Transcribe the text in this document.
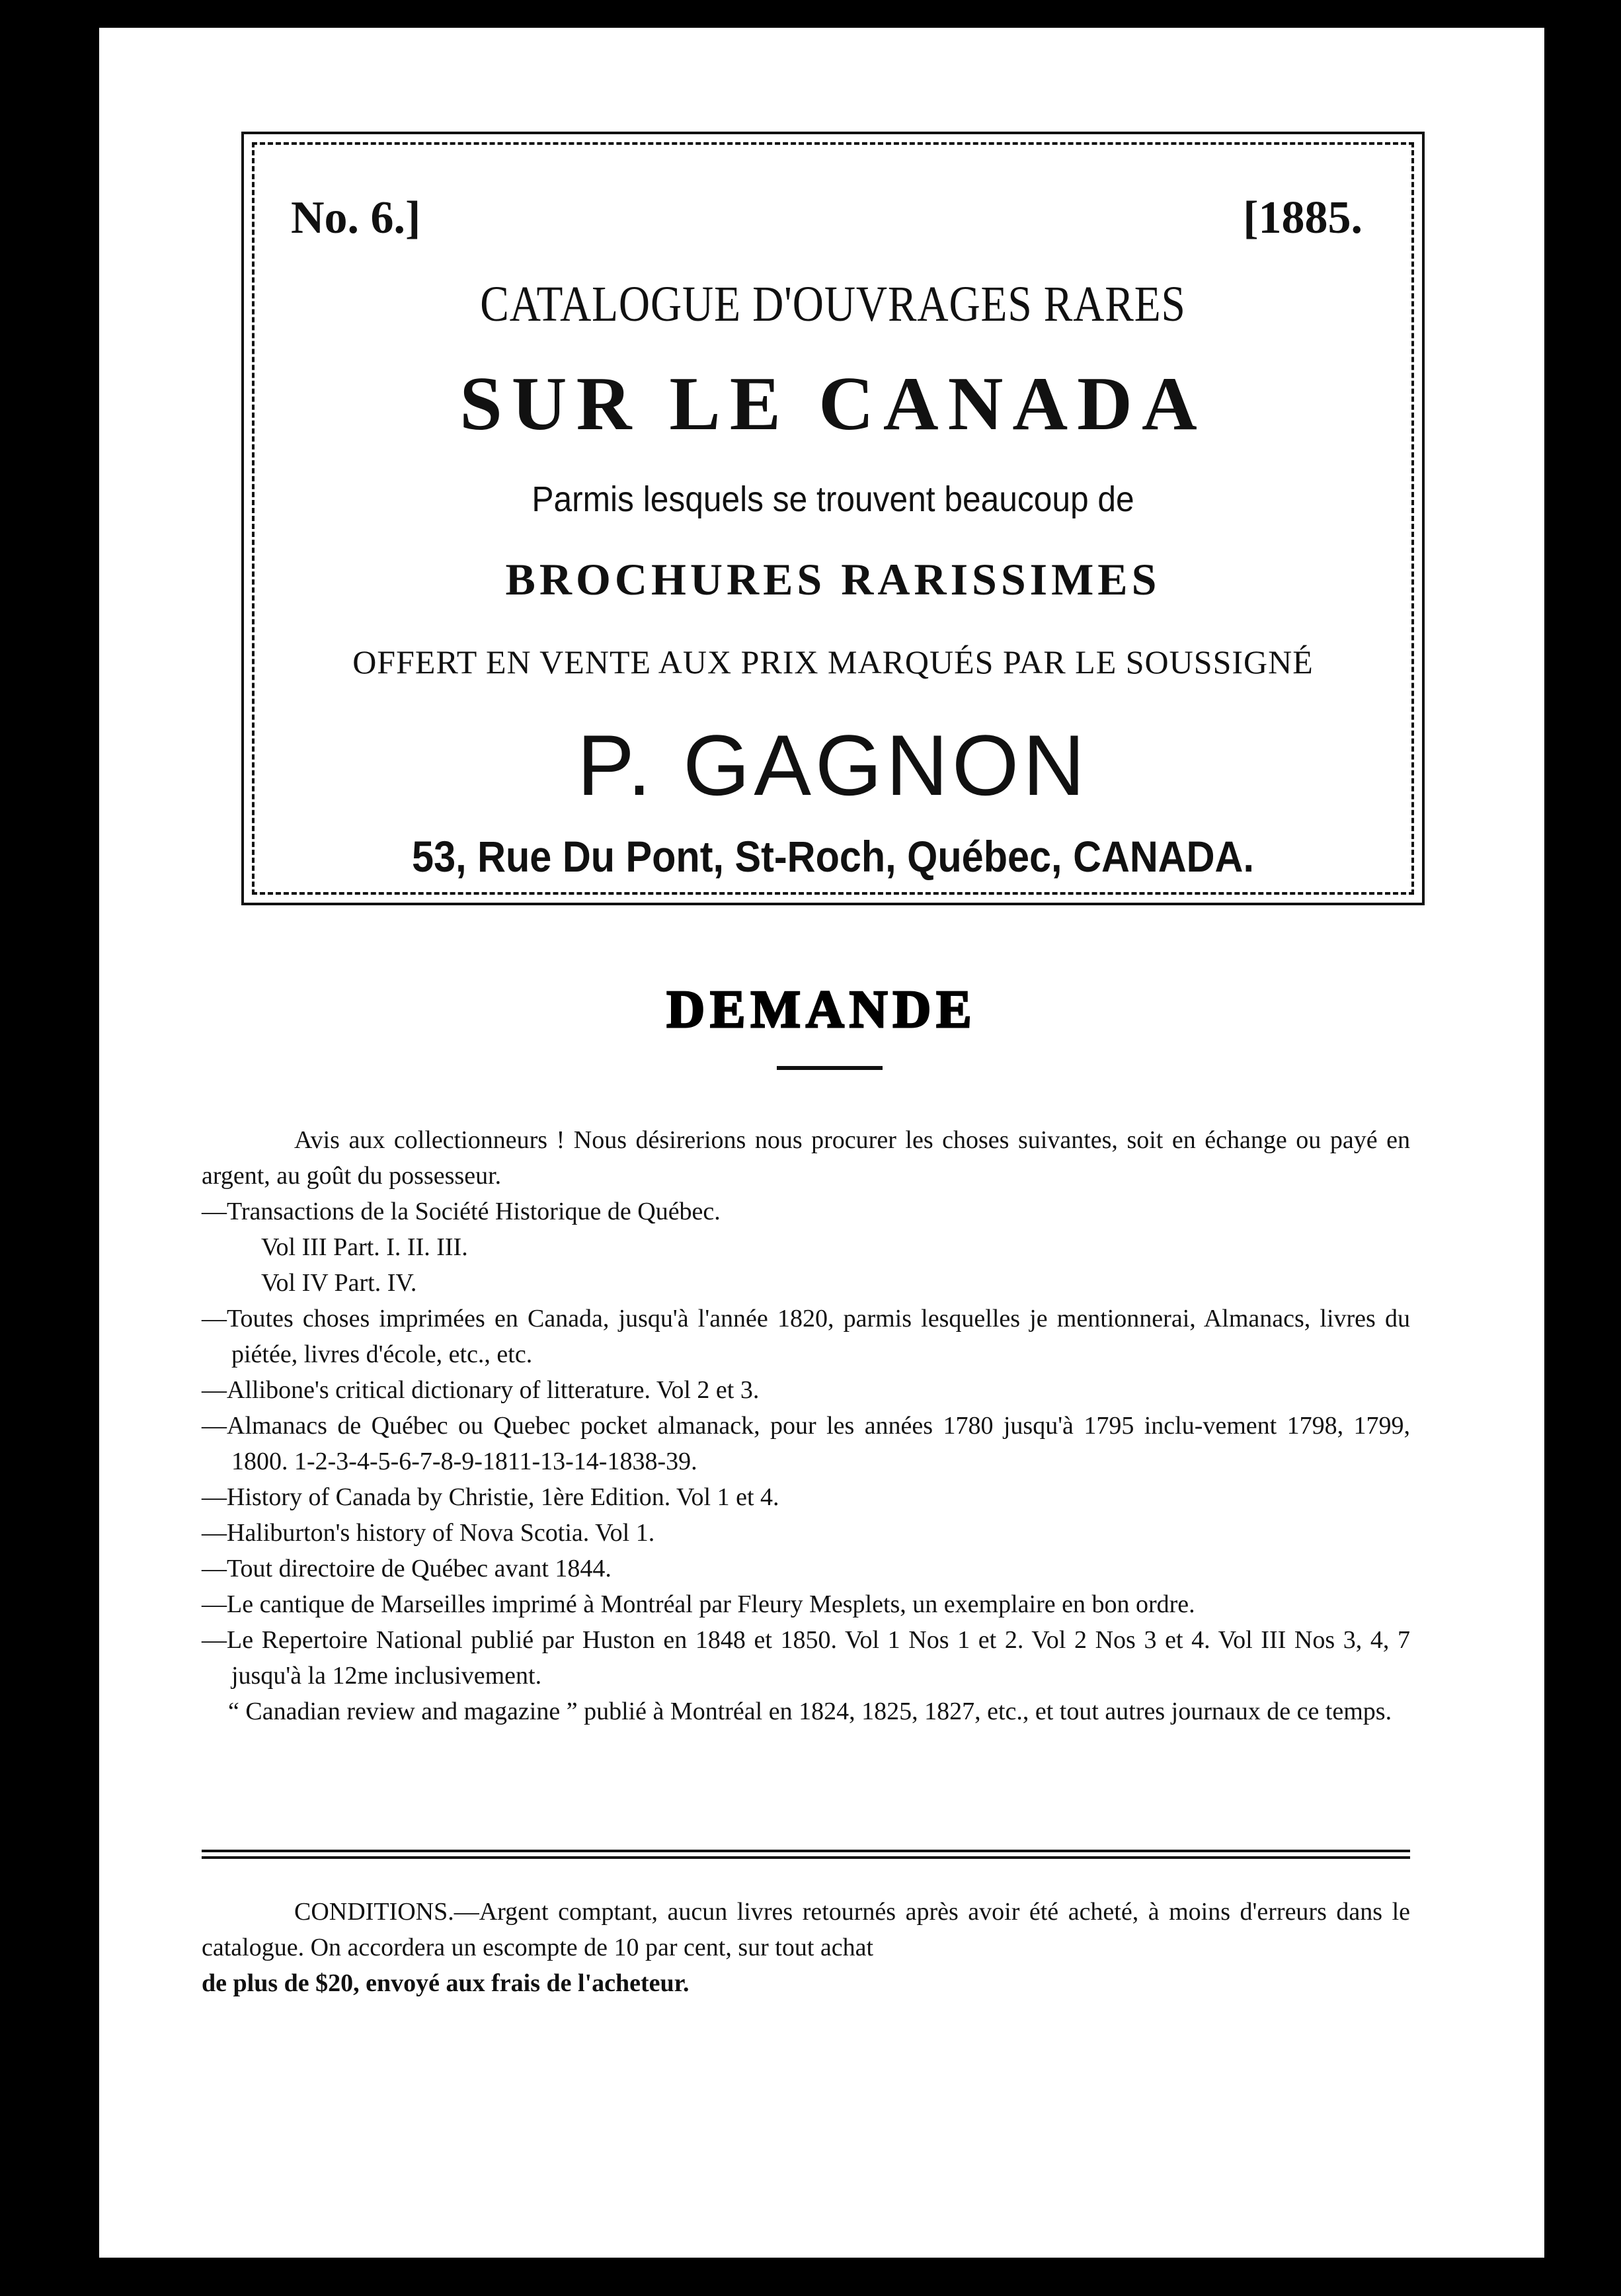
No. 6.]	[1885.
CATALOGUE D'OUVRAGES RARES
SUR LE CANADA
Parmis lesquels se trouvent beaucoup de
BROCHURES RARISSIMES
OFFERT EN VENTE AUX PRIX MARQUÉS PAR LE SOUSSIGNÉ
P. GAGNON
53, Rue Du Pont, St-Roch, Québec, CANADA.
DEMANDE

Avis aux collectionneurs ! Nous désirerions nous procurer les choses suivantes, soit en échange ou payé en argent, au goût du possesseur.

—Transactions de la Société Historique de Québec.

Vol III Part. I. II. III.

Vol IV Part. IV.

—Toutes choses imprimées en Canada, jusqu'à l'année 1820, parmis lesquelles je mentionnerai, Almanacs, livres du piétée, livres d'école, etc., etc.

—Allibone's critical dictionary of litterature. Vol 2 et 3.

—Almanacs de Québec ou Quebec pocket almanack, pour les années 1780 jusqu'à 1795 inclu-vement 1798, 1799, 1800. 1-2-3-4-5-6-7-8-9-1811-13-14-1838-39.

—History of Canada by Christie, 1ère Edition. Vol 1 et 4.

—Haliburton's history of Nova Scotia. Vol 1.

—Tout directoire de Québec avant 1844.

—Le cantique de Marseilles imprimé à Montréal par Fleury Mesplets, un exemplaire en bon ordre.

—Le Repertoire National publié par Huston en 1848 et 1850. Vol 1 Nos 1 et 2. Vol 2 Nos 3 et 4. Vol III Nos 3, 4, 7 jusqu'à la 12me inclusivement.

“ Canadian review and magazine ” publié à Montréal en 1824, 1825, 1827, etc., et tout autres journaux de ce temps.

CONDITIONS.—Argent comptant, aucun livres retournés après avoir été acheté, à moins d'erreurs dans le catalogue. On accordera un escompte de 10 par cent, sur tout achat

de plus de $20, envoyé aux frais de l'acheteur.
